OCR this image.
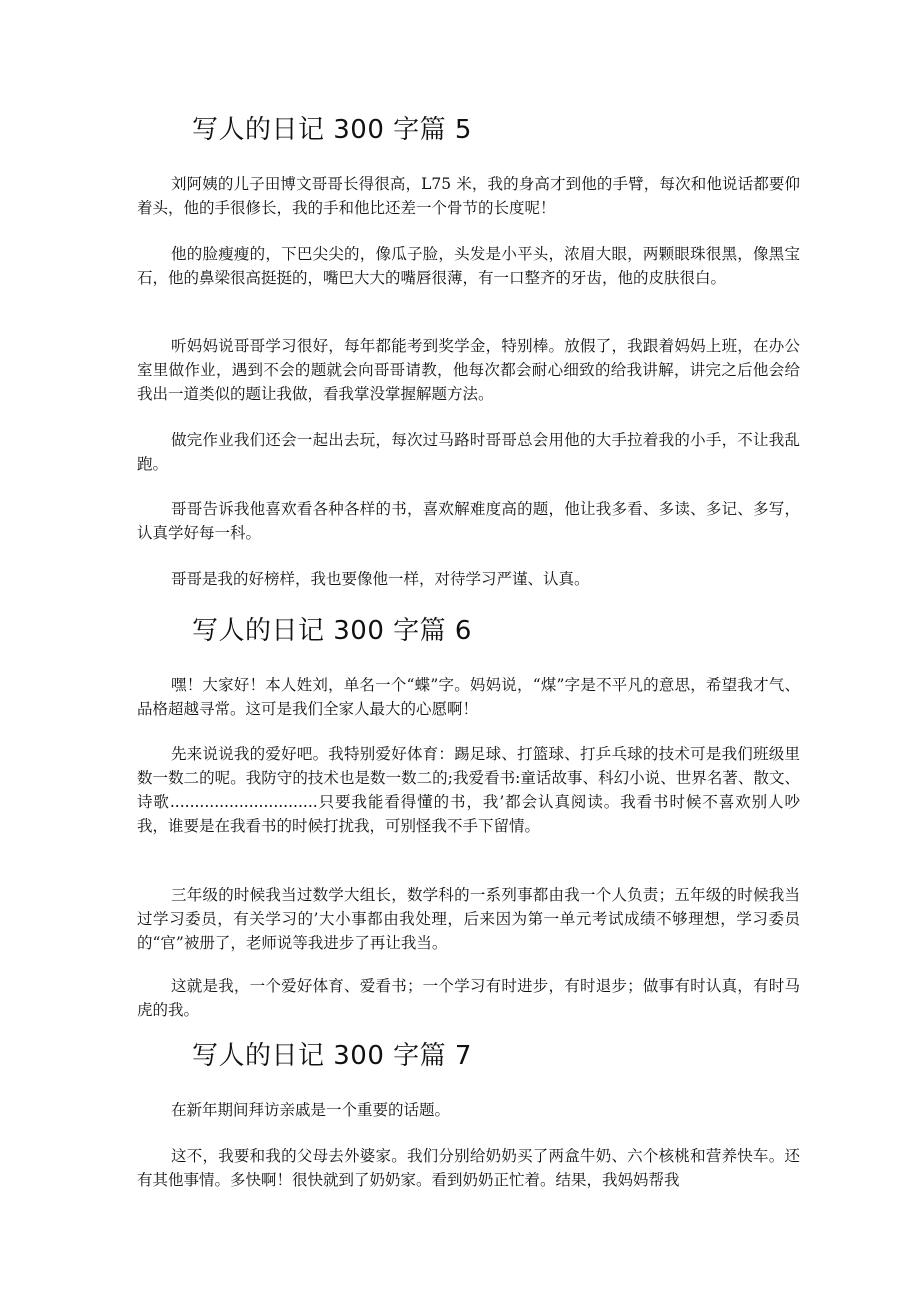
写人的日记 300 字篇 5

刘阿姨的儿子田博文哥哥长得很高，L75 米，我的身高才到他的手臂，每次和他说话都要仰着头，他的手很修长，我的手和他比还差一个骨节的长度呢！

他的脸瘦瘦的，下巴尖尖的，像瓜子脸，头发是小平头，浓眉大眼，两颗眼珠很黑，像黑宝石，他的鼻梁很高挺挺的，嘴巴大大的嘴唇很薄，有一口整齐的牙齿，他的皮肤很白。

听妈妈说哥哥学习很好，每年都能考到奖学金，特别棒。放假了，我跟着妈妈上班，在办公室里做作业，遇到不会的题就会向哥哥请教，他每次都会耐心细致的给我讲解，讲完之后他会给我出一道类似的题让我做，看我掌没掌握解题方法。

做完作业我们还会一起出去玩，每次过马路时哥哥总会用他的大手拉着我的小手，不让我乱跑。

哥哥告诉我他喜欢看各种各样的书，喜欢解难度高的题，他让我多看、多读、多记、多写，认真学好每一科。

哥哥是我的好榜样，我也要像他一样，对待学习严谨、认真。

写人的日记 300 字篇 6

嘿！大家好！本人姓刘，单名一个“蝶”字。妈妈说，“煤”字是不平凡的意思，希望我才气、品格超越寻常。这可是我们全家人最大的心愿啊！

先来说说我的爱好吧。我特别爱好体育：踢足球、打篮球、打乒乓球的技术可是我们班级里数一数二的呢。我防守的技术也是数一数二的;我爱看书:童话故事、科幻小说、世界名著、散文、诗歌..............................只要我能看得懂的书，我’都会认真阅读。我看书时候不喜欢别人吵我，谁要是在我看书的时候打扰我，可别怪我不手下留情。

三年级的时候我当过数学大组长，数学科的一系列事都由我一个人负责；五年级的时候我当过学习委员，有关学习的’大小事都由我处理，后来因为第一单元考试成绩不够理想，学习委员的“官”被册了，老师说等我进步了再让我当。

这就是我，一个爱好体育、爱看书；一个学习有时进步，有时退步；做事有时认真，有时马虎的我。

写人的日记 300 字篇 7

在新年期间拜访亲戚是一个重要的话题。

这不，我要和我的父母去外婆家。我们分别给奶奶买了两盒牛奶、六个核桃和营养快车。还有其他事情。多快啊！很快就到了奶奶家。看到奶奶正忙着。结果，我妈妈帮我
